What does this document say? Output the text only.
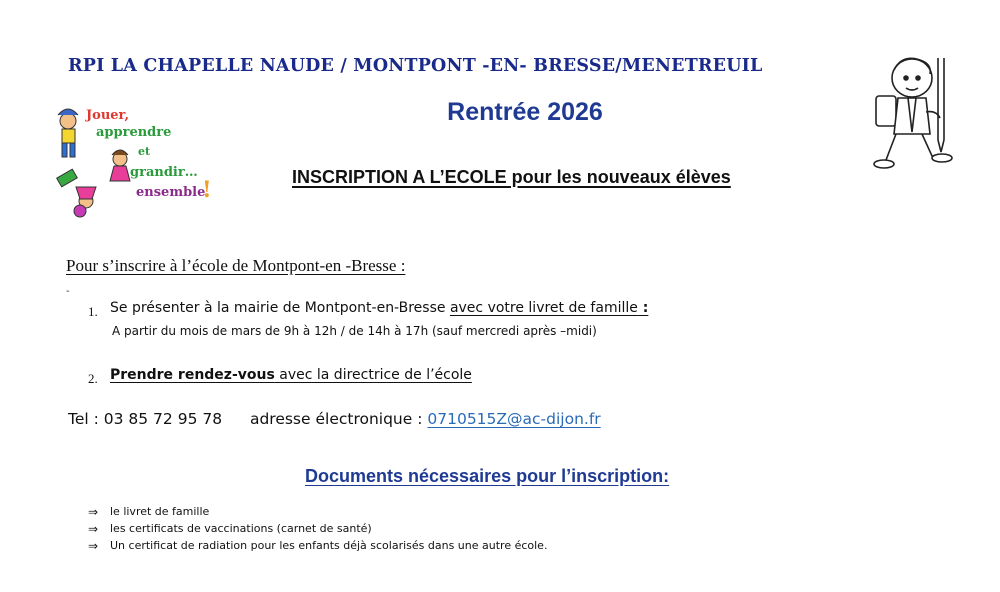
RPI LA CHAPELLE NAUDE / MONTPONT -EN- BRESSE/MENETREUIL
Rentrée 2026
INSCRIPTION A L’ECOLE pour les nouveaux élèves
Jouer,
apprendre
et
grandir…
ensemble
!
Pour s’inscrire à l’école de Montpont-en -Bresse :
‐
1. Se présenter à la mairie de Montpont-en-Bresse avec votre livret de famille :
A partir du mois de mars de 9h à 12h / de 14h à 17h (sauf mercredi après –midi)
2. Prendre rendez-vous avec la directrice de l’école
Tel : 03 85 72 95 78 adresse électronique : 0710515Z@ac-dijon.fr
Documents nécessaires pour l’inscription:
⇒	le livret de famille
⇒	les certificats de vaccinations (carnet de santé)
⇒	Un certificat de radiation pour les enfants déjà scolarisés dans une autre école.
